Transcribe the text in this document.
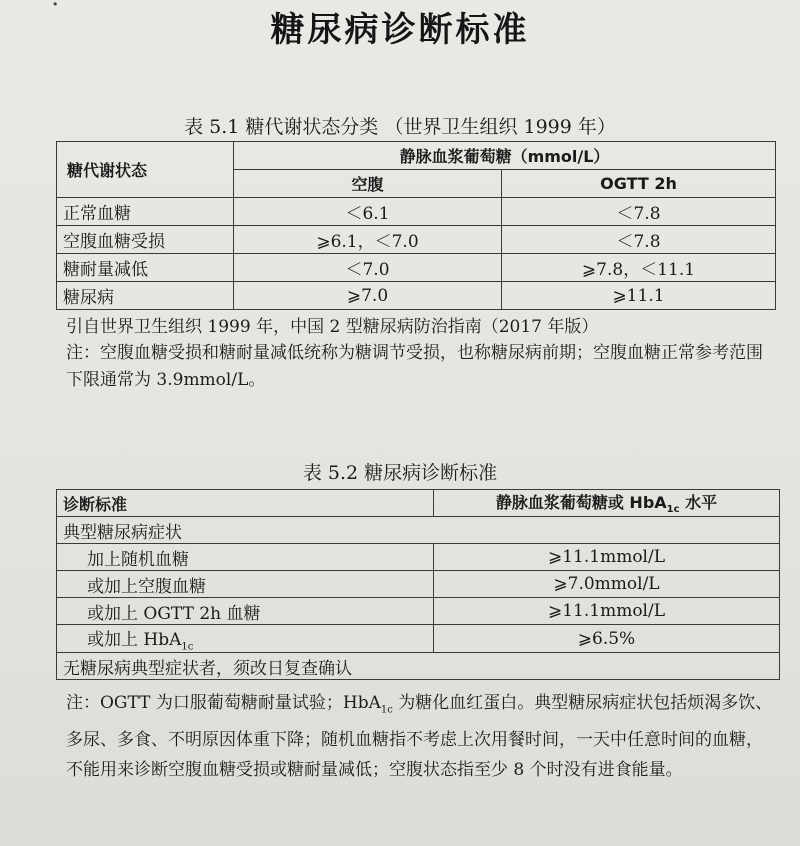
·
糖尿病诊断标准
表 5.1 糖代谢状态分类 （世界卫生组织 1999 年）
糖代谢状态	静脉血浆葡萄糖（mmol/L）	
	空腹	OGTT 2h
正常血糖	＜6.1	＜7.8
空腹血糖受损	⩾6.1，＜7.0	＜7.8
糖耐量减低	＜7.0	⩾7.8，＜11.1
糖尿病	⩾7.0	⩾11.1
引自世界卫生组织 1999 年，中国 2 型糖尿病防治指南（2017 年版）
注：空腹血糖受损和糖耐量减低统称为糖调节受损，也称糖尿病前期；空腹血糖正常参考范围下限通常为 3.9mmol/L。
表 5.2 糖尿病诊断标准
诊断标准	静脉血浆葡萄糖或 HbA$_{1c}$ 水平
典型糖尿病症状	
加上随机血糖	⩾11.1mmol/L
或加上空腹血糖	⩾7.0mmol/L
或加上 OGTT 2h 血糖	⩾11.1mmol/L
或加上 HbA$_{1c}$	⩾6.5%
无糖尿病典型症状者，须改日复查确认	
注：OGTT 为口服葡萄糖耐量试验；HbA$_{1c}$ 为糖化血红蛋白。典型糖尿病症状包括烦渴多饮、多尿、多食、不明原因体重下降；随机血糖指不考虑上次用餐时间，一天中任意时间的血糖，不能用来诊断空腹血糖受损或糖耐量减低；空腹状态指至少 8 个时没有进食能量。
